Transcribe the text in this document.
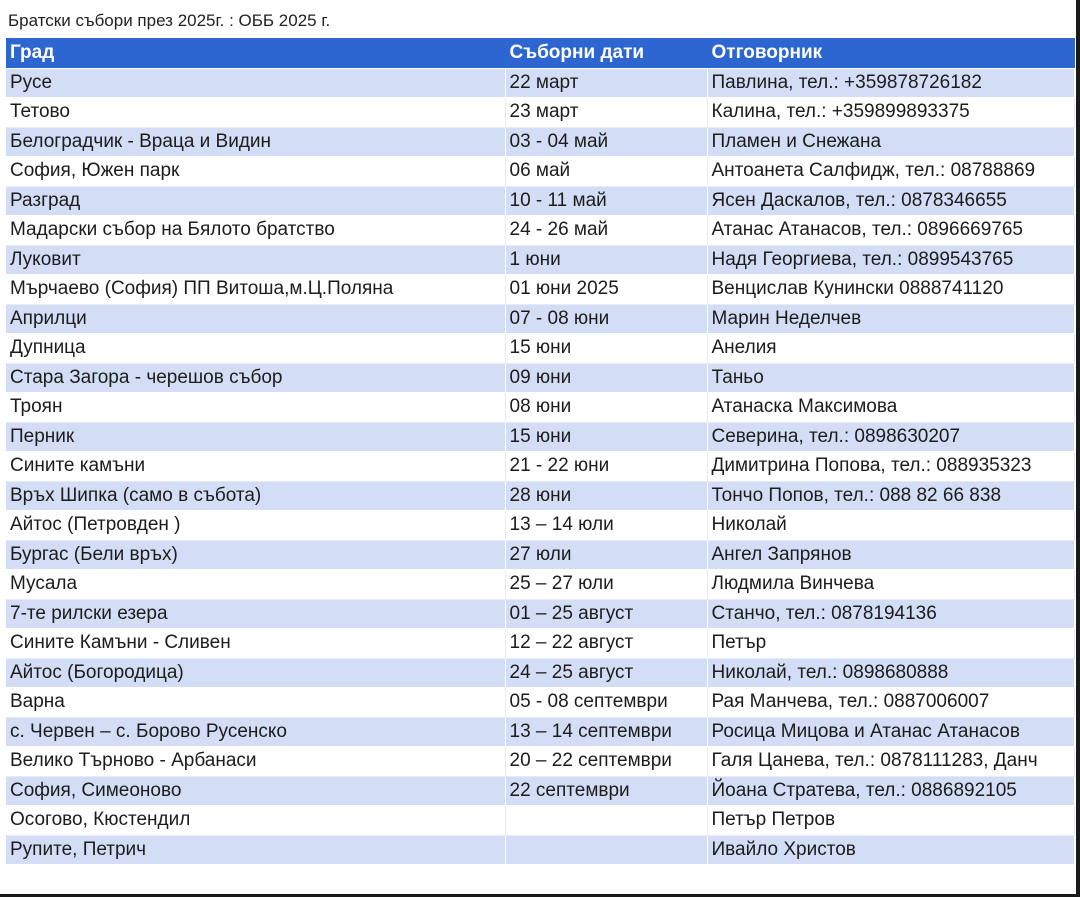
Братски събори през 2025г. : ОББ 2025 г.
Град	Съборни дати	Отговорник
Русе	22 март	Павлина, тел.: +359878726182
Тетово	23 март	Калина, тел.: +359899893375
Белоградчик - Враца и Видин	03 - 04 май	Пламен и Снежана
София, Южен парк	06 май	Антоанета Салфидж, тел.: 08788869
Разград	10 - 11 май	Ясен Даскалов, тел.: 0878346655
Мадарски събор на Бялото братство	24 - 26 май	Атанас Атанасов, тел.: 0896669765
Луковит	1 юни	Надя Георгиева, тел.: 0899543765
Мърчаево (София) ПП Витоша,м.Ц.Поляна	01 юни 2025	Венцислав Кунински 0888741120
Априлци	07 - 08 юни	Марин Неделчев
Дупница	15 юни	Анелия
Стара Загора - черешов събор	09 юни	Таньо
Троян	08 юни	Атанаска Максимова
Перник	15 юни	Северина, тел.: 0898630207
Сините камъни	21 - 22 юни	Димитрина Попова, тел.: 088935323
Връх Шипка (само в събота)	28 юни	Тончо Попов, тел.: 088 82 66 838
Айтос (Петровден )	13 – 14 юли	Николай
Бургас (Бели връх)	27 юли	Ангел Запрянов
Мусала	25 – 27 юли	Людмила Винчева
7-те рилски езера	01 – 25 август	Станчо, тел.: 0878194136
Сините Камъни - Сливен	12 – 22 август	Петър
Айтос (Богородица)	24 – 25 август	Николай, тел.: 0898680888
Варна	05 - 08 септември	Рая Манчева, тел.: 0887006007
с. Червен – с. Борово Русенско	13 – 14 септември	Росица Мицова и Атанас Атанасов
Велико Търново - Арбанаси	20 – 22 септември	Галя Цанева, тел.: 0878111283, Данч
София, Симеоново	22 септември	Йоана Стратева, тел.: 0886892105
Осогово, Кюстендил		Петър Петров
Рупите, Петрич		Ивайло Христов
